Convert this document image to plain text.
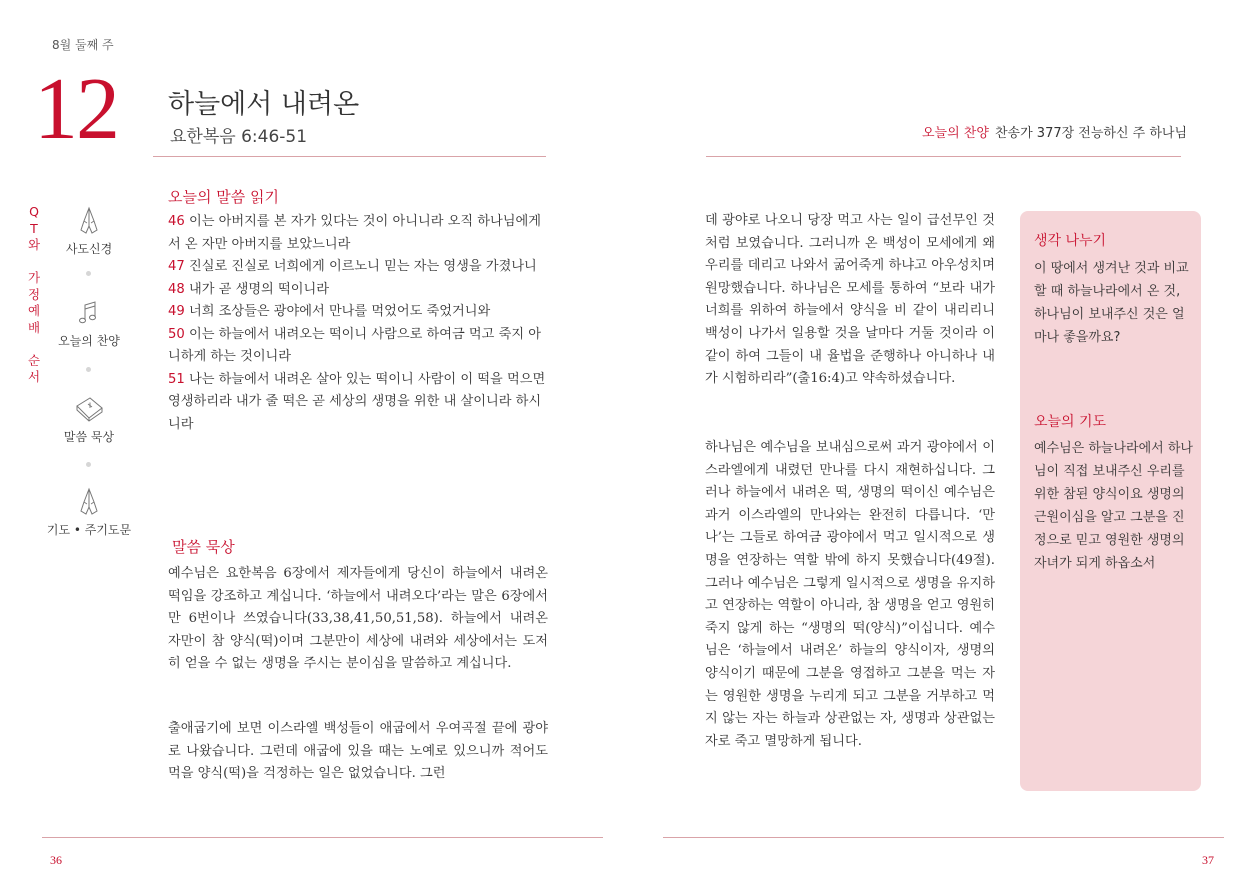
8월 둘째 주
12 하늘에서 내려온
요한복음 6:46-51
Q
T
와
가
정
예
배
순
서
사도신경
오늘의 찬양
말씀 묵상
기도 • 주기도문
오늘의 말씀 읽기
46 이는 아버지를 본 자가 있다는 것이 아니니라 오직 하나님에게서 온 자만 아버지를 보았느니라
47 진실로 진실로 너희에게 이르노니 믿는 자는 영생을 가졌나니
48 내가 곧 생명의 떡이니라
49 너희 조상들은 광야에서 만나를 먹었어도 죽었거니와
50 이는 하늘에서 내려오는 떡이니 사람으로 하여금 먹고 죽지 아니하게 하는 것이니라
51 나는 하늘에서 내려온 살아 있는 떡이니 사람이 이 떡을 먹으면 영생하리라 내가 줄 떡은 곧 세상의 생명을 위한 내 살이니라 하시니라
말씀 묵상
예수님은 요한복음 6장에서 제자들에게 당신이 하늘에서 내려온 떡임을 강조하고 계십니다. ‘하늘에서 내려오다’라는 말은 6장에서만 6번이나 쓰였습니다(33,38,41,50,51,58). 하늘에서 내려온 자만이 참 양식(떡)이며 그분만이 세상에 내려와 세상에서는 도저히 얻을 수 없는 생명을 주시는 분이심을 말씀하고 계십니다.
출애굽기에 보면 이스라엘 백성들이 애굽에서 우여곡절 끝에 광야로 나왔습니다. 그런데 애굽에 있을 때는 노예로 있으니까 적어도 먹을 양식(떡)을 걱정하는 일은 없었습니다. 그런
36
오늘의 찬양 찬송가 377장 전능하신 주 하나님
데 광야로 나오니 당장 먹고 사는 일이 급선무인 것처럼 보였습니다. 그러니까 온 백성이 모세에게 왜 우리를 데리고 나와서 굶어죽게 하냐고 아우성치며 원망했습니다. 하나님은 모세를 통하여 “보라 내가 너희를 위하여 하늘에서 양식을 비 같이 내리리니 백성이 나가서 일용할 것을 날마다 거둘 것이라 이같이 하여 그들이 내 율법을 준행하나 아니하나 내가 시험하리라”(출16:4)고 약속하셨습니다.
하나님은 예수님을 보내심으로써 과거 광야에서 이스라엘에게 내렸던 만나를 다시 재현하십니다. 그러나 하늘에서 내려온 떡, 생명의 떡이신 예수님은 과거 이스라엘의 만나와는 완전히 다릅니다. ‘만나’는 그들로 하여금 광야에서 먹고 일시적으로 생명을 연장하는 역할 밖에 하지 못했습니다(49절). 그러나 예수님은 그렇게 일시적으로 생명을 유지하고 연장하는 역할이 아니라, 참 생명을 얻고 영원히 죽지 않게 하는 “생명의 떡(양식)”이십니다. 예수님은 ‘하늘에서 내려온’ 하늘의 양식이자, 생명의 양식이기 때문에 그분을 영접하고 그분을 먹는 자는 영원한 생명을 누리게 되고 그분을 거부하고 먹지 않는 자는 하늘과 상관없는 자, 생명과 상관없는 자로 죽고 멸망하게 됩니다.
생각 나누기
이 땅에서 생겨난 것과 비교할 때 하늘나라에서 온 것, 하나님이 보내주신 것은 얼마나 좋을까요?
오늘의 기도
예수님은 하늘나라에서 하나님이 직접 보내주신 우리를 위한 참된 양식이요 생명의 근원이심을 알고 그분을 진정으로 믿고 영원한 생명의 자녀가 되게 하옵소서
37
